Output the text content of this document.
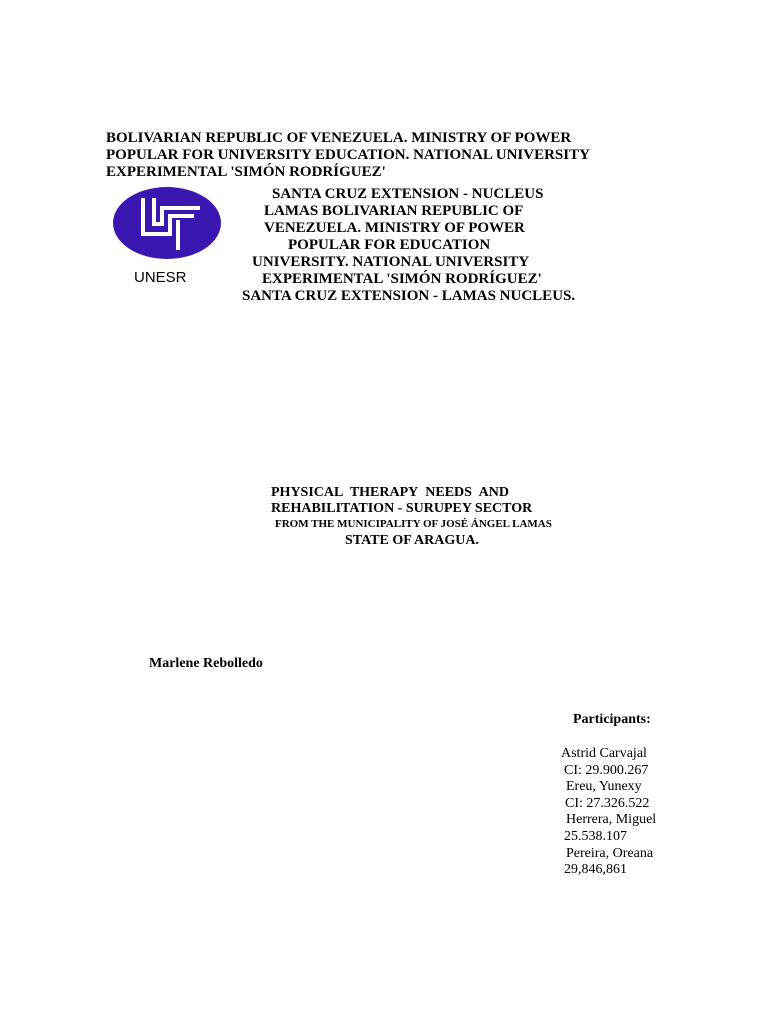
BOLIVARIAN REPUBLIC OF VENEZUELA. MINISTRY OF POWER
POPULAR FOR UNIVERSITY EDUCATION. NATIONAL UNIVERSITY
EXPERIMENTAL 'SIMÓN RODRÍGUEZ'
UNESR
SANTA CRUZ EXTENSION - NUCLEUS
LAMAS BOLIVARIAN REPUBLIC OF
VENEZUELA. MINISTRY OF POWER
POPULAR FOR EDUCATION
UNIVERSITY. NATIONAL UNIVERSITY
EXPERIMENTAL 'SIMÓN RODRÍGUEZ'
SANTA CRUZ EXTENSION - LAMAS NUCLEUS.
PHYSICAL THERAPY NEEDS AND
REHABILITATION - SURUPEY SECTOR
FROM THE MUNICIPALITY OF JOSÉ ÁNGEL LAMAS
STATE OF ARAGUA.
Marlene Rebolledo
Participants:
Astrid Carvajal
CI: 29.900.267
Ereu, Yunexy
CI: 27.326.522
Herrera, Miguel
25.538.107
Pereira, Oreana
29,846,861
